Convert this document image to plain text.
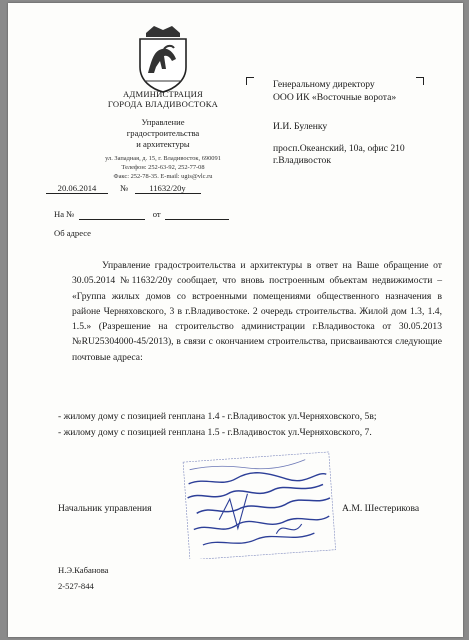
АДМИНИСТРАЦИЯ
ГОРОДА ВЛАДИВОСТОКА
Управление
градостроительства
и архитектуры
ул. Западная, д. 15, г. Владивосток, 690091
Телефон: 252-63-92, 252-77-08
Факс: 252-78-35. E-mail: ugis@vlc.ru
20.06.2014	№ 11632/20у
На №	от
Об адресе
Генеральному директору
ООО ИК «Восточные ворота»
И.И. Буленку
просп.Океанский, 10а, офис 210
г.Владивосток

Управление градостроительства и архитектуры в ответ на Ваше обращение от 30.05.2014 №11632/20у сообщает, что вновь построенным объектам недвижимости – «Группа жилых домов со встроенными помещениями общественного назначения в районе Черняховского, 3 в г.Владивостоке. 2 очередь строительства. Жилой дом 1.3, 1.4, 1.5.» (Разрешение на строительство администрации г.Владивостока от 30.05.2013 №RU25304000-45/2013), в связи с окончанием строительства, присваиваются следующие почтовые адреса:

- жилому дому с позицией генплана 1.4 - г.Владивосток ул.Черняховского, 5в;
- жилому дому с позицией генплана 1.5 - г.Владивосток ул.Черняховского, 7.
Начальник управления	А.М. Шестерикова
Н.Э.Кабанова
2-527-844
